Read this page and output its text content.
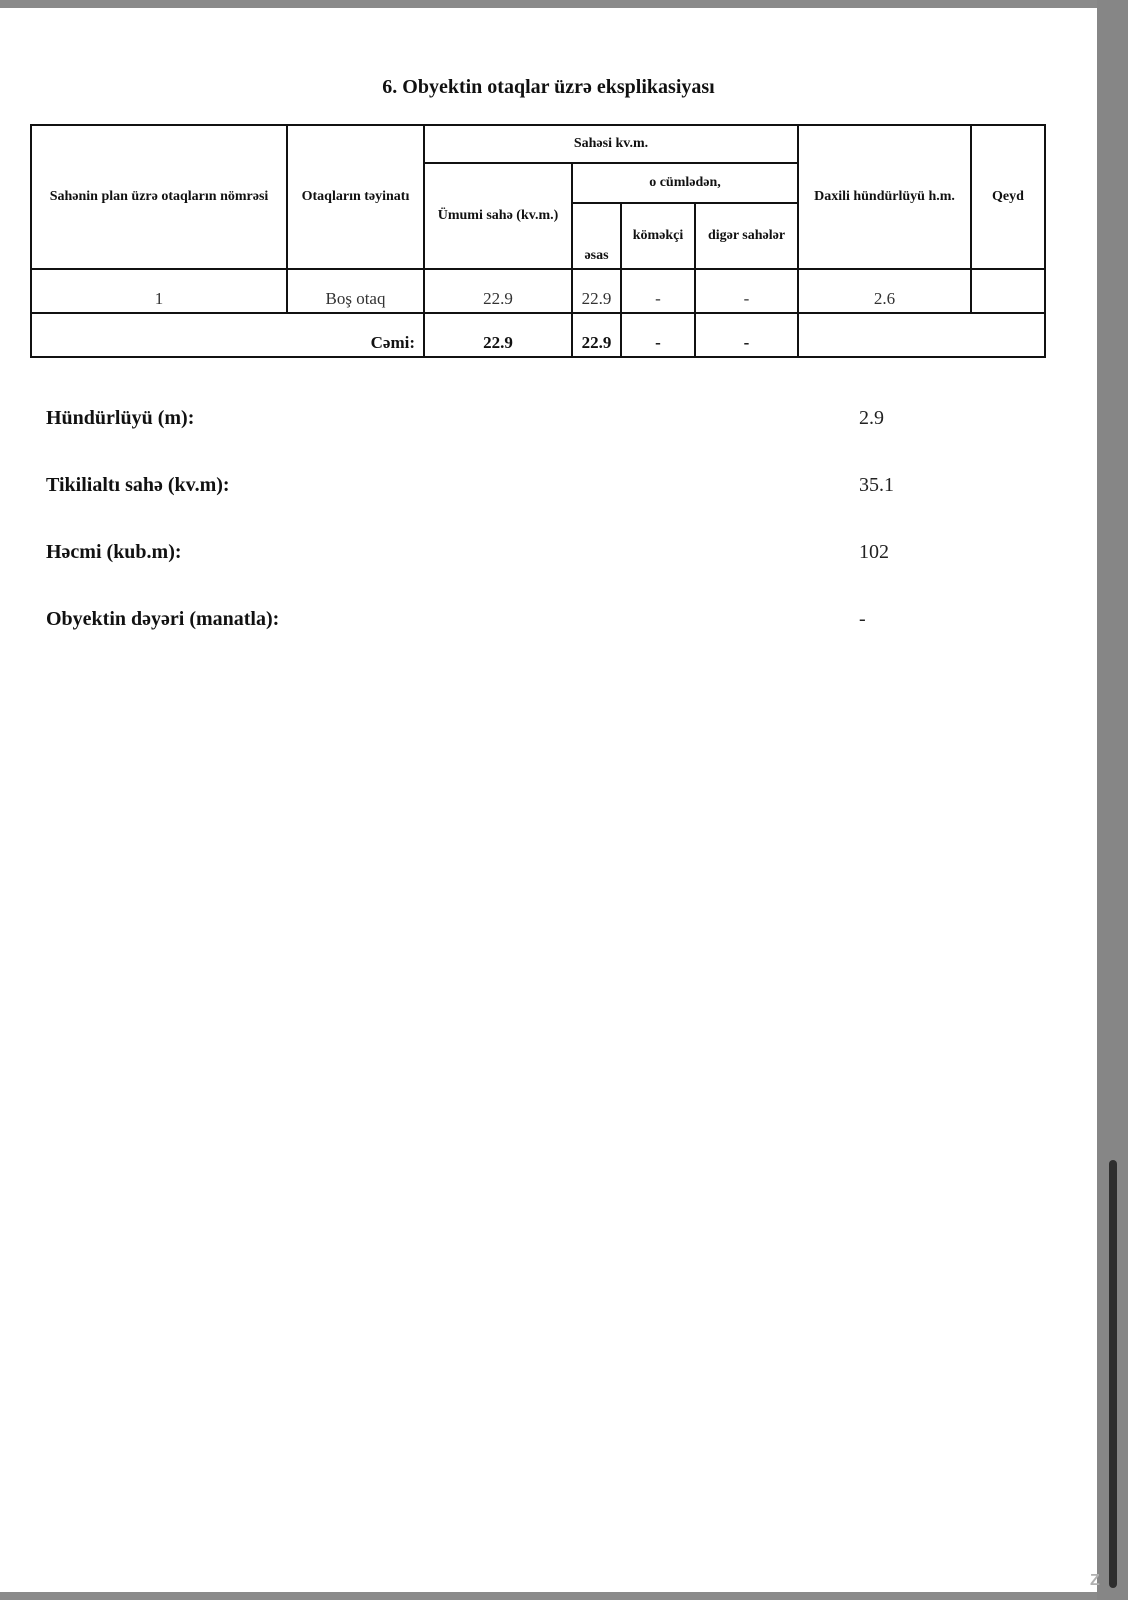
6. Obyektin otaqlar üzrə eksplikasiyası
Sahənin plan üzrə otaqların nömrəsi	Otaqların təyinatı	Sahəsi kv.m.				Daxili hündürlüyü h.m.	Qeyd
		Ümumi sahə (kv.m.)	o cümlədən,				
			əsas	köməkçi	digər sahələr		
1	Boş otaq	22.9	22.9	-	-	2.6	
Cəmi:		22.9	22.9	-	-		
Hündürlüyü (m):	2.9
Tikilialtı sahə (kv.m):	35.1
Həcmi (kub.m):	102
Obyektin dəyəri (manatla):	-
Z
